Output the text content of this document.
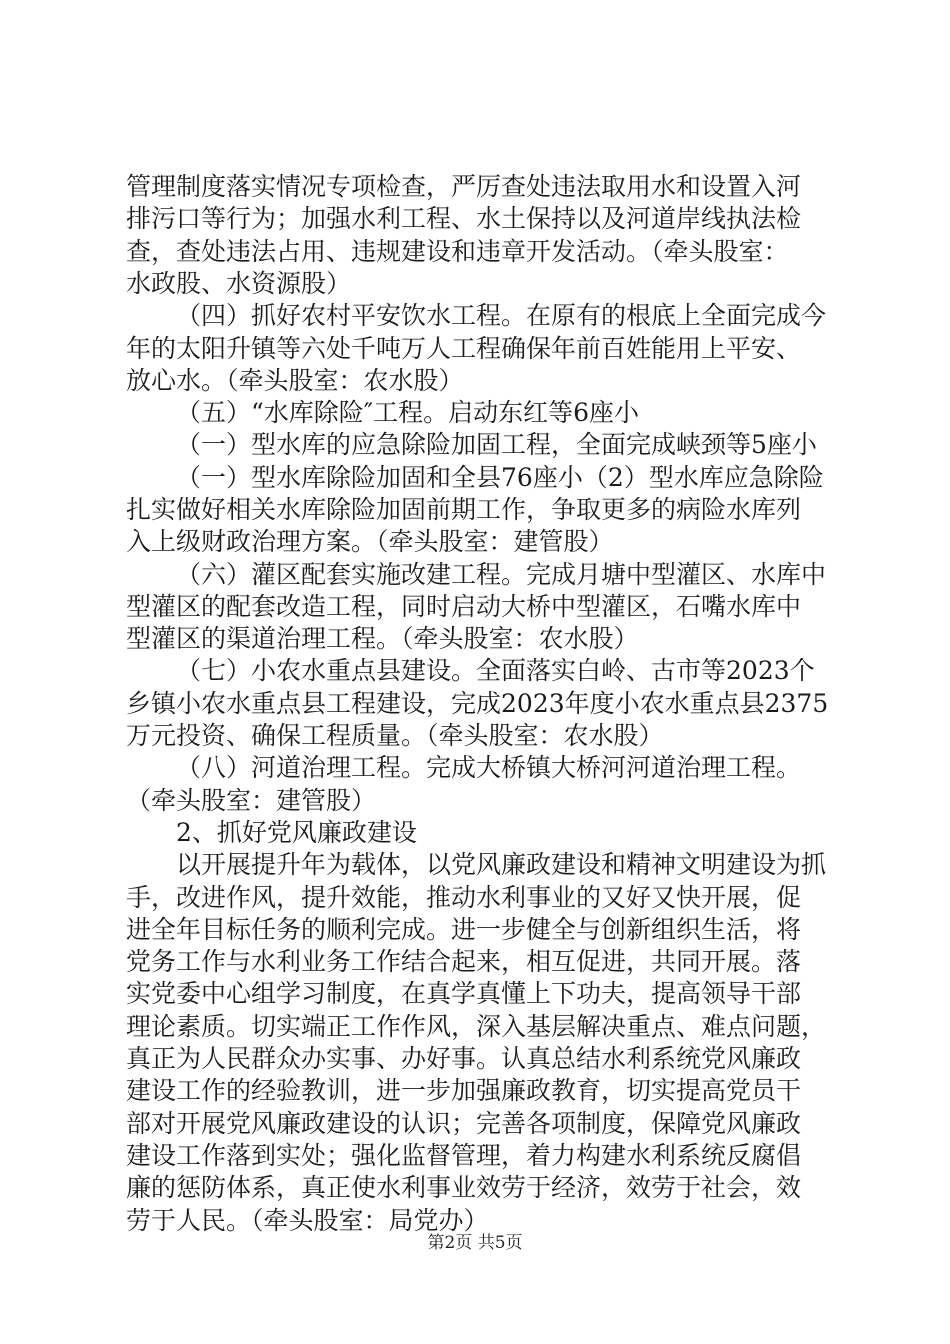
管理制度落实情况专项检查，严厉查处违法取用水和设置入河
排污口等行为；加强水利工程、水土保持以及河道岸线执法检
查，查处违法占用、违规建设和违章开发活动。（牵头股室：
水政股、水资源股）
（四）抓好农村平安饮水工程。在原有的根底上全面完成今
年的太阳升镇等六处千吨万人工程确保年前百姓能用上平安、
放心水。（牵头股室：农水股）
（五）“水库除险″工程。启动东红等6座小
（一）型水库的应急除险加固工程，全面完成峡颈等5座小
（一）型水库除险加固和全县76座小（2）型水库应急除险
扎实做好相关水库除险加固前期工作，争取更多的病险水库列
入上级财政治理方案。（牵头股室：建管股）
（六）灌区配套实施改建工程。完成月塘中型灌区、水库中
型灌区的配套改造工程，同时启动大桥中型灌区，石嘴水库中
型灌区的渠道治理工程。（牵头股室：农水股）
（七）小农水重点县建设。全面落实白岭、古市等2023个
乡镇小农水重点县工程建设，完成2023年度小农水重点县2375
万元投资、确保工程质量。（牵头股室：农水股）
（八）河道治理工程。完成大桥镇大桥河河道治理工程。
（牵头股室：建管股）
2、抓好党风廉政建设
以开展提升年为载体，以党风廉政建设和精神文明建设为抓
手，改进作风，提升效能，推动水利事业的又好又快开展，促
进全年目标任务的顺利完成。进一步健全与创新组织生活，将
党务工作与水利业务工作结合起来，相互促进，共同开展。落
实党委中心组学习制度，在真学真懂上下功夫，提高领导干部
理论素质。切实端正工作作风，深入基层解决重点、难点问题，
真正为人民群众办实事、办好事。认真总结水利系统党风廉政
建设工作的经验教训，进一步加强廉政教育，切实提高党员干
部对开展党风廉政建设的认识；完善各项制度，保障党风廉政
建设工作落到实处；强化监督管理，着力构建水利系统反腐倡
廉的惩防体系，真正使水利事业效劳于经济，效劳于社会，效
劳于人民。（牵头股室：局党办）
第2页 共5页
